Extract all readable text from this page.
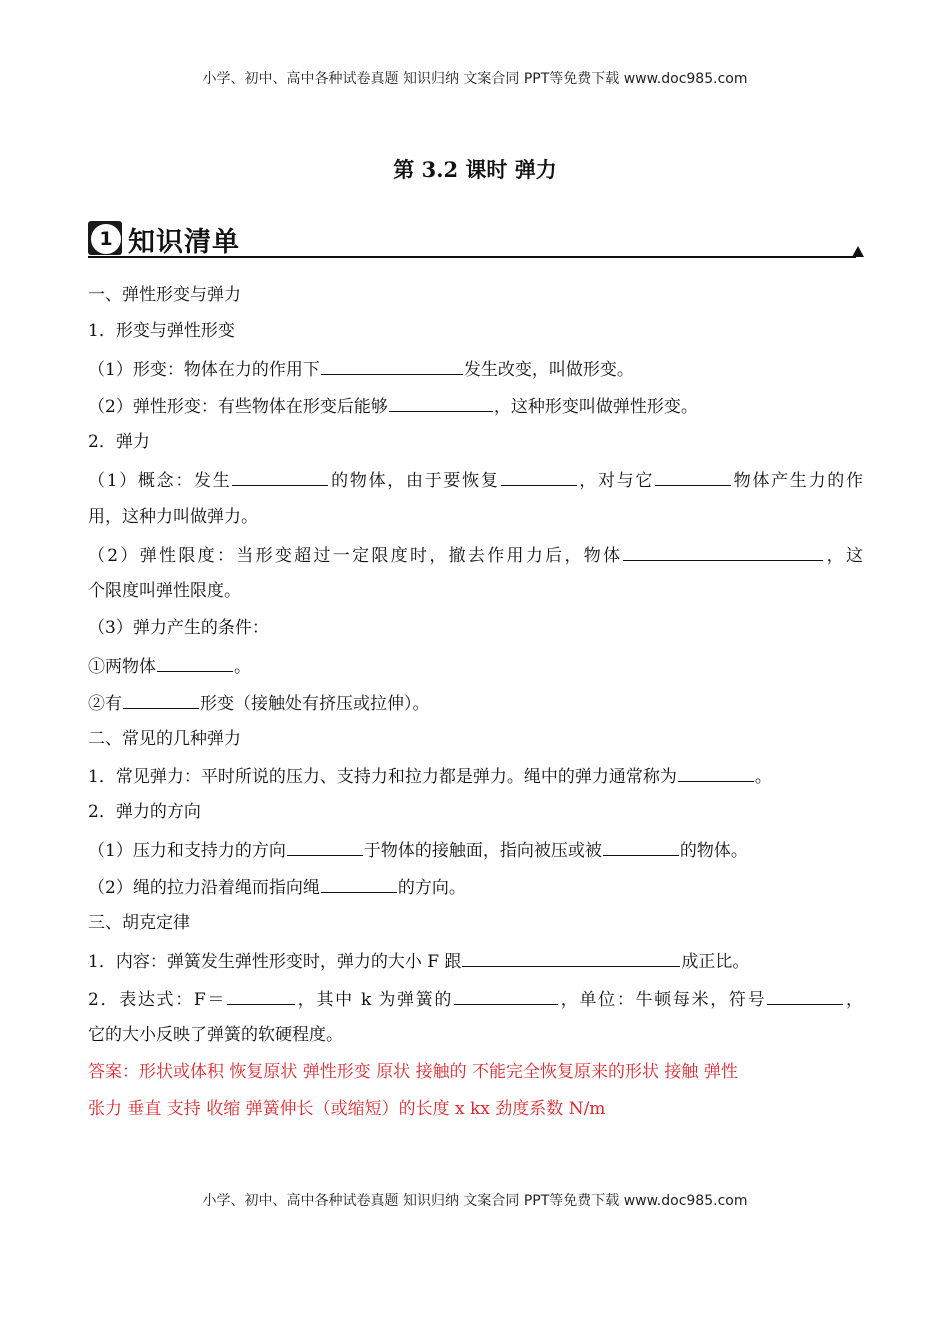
小学、初中、高中各种试卷真题 知识归纳 文案合同 PPT等免费下载 www.doc985.com
第 3.2 课时 弹力
1 知识清单
一、弹性形变与弹力
1．形变与弹性形变
（1）形变：物体在力的作用下	发生改变，叫做形变。
（2）弹性形变：有些物体在形变后能够	，这种形变叫做弹性形变。
2．弹力
（1）概念：发生	的物体，由于要恢复	，对与它	物体产生力的作
用，这种力叫做弹力。
（2）弹性限度：当形变超过一定限度时，撤去作用力后，物体	，这
个限度叫弹性限度。
（3）弹力产生的条件：
①两物体	。
②有	形变（接触处有挤压或拉伸）。
二、常见的几种弹力
1．常见弹力：平时所说的压力、支持力和拉力都是弹力。绳中的弹力通常称为	。
2．弹力的方向
（1）压力和支持力的方向	于物体的接触面，指向被压或被	的物体。
（2）绳的拉力沿着绳而指向绳	的方向。
三、胡克定律
1．内容：弹簧发生弹性形变时，弹力的大小 F 跟	成正比。
2．表达式：F＝	，其中 k 为弹簧的	，单位：牛顿每米，符号	，
它的大小反映了弹簧的软硬程度。
答案：形状或体积 恢复原状 弹性形变 原状 接触的 不能完全恢复原来的形状 接触 弹性
张力 垂直 支持 收缩 弹簧伸长（或缩短）的长度 x kx 劲度系数 N/m
小学、初中、高中各种试卷真题 知识归纳 文案合同 PPT等免费下载 www.doc985.com
